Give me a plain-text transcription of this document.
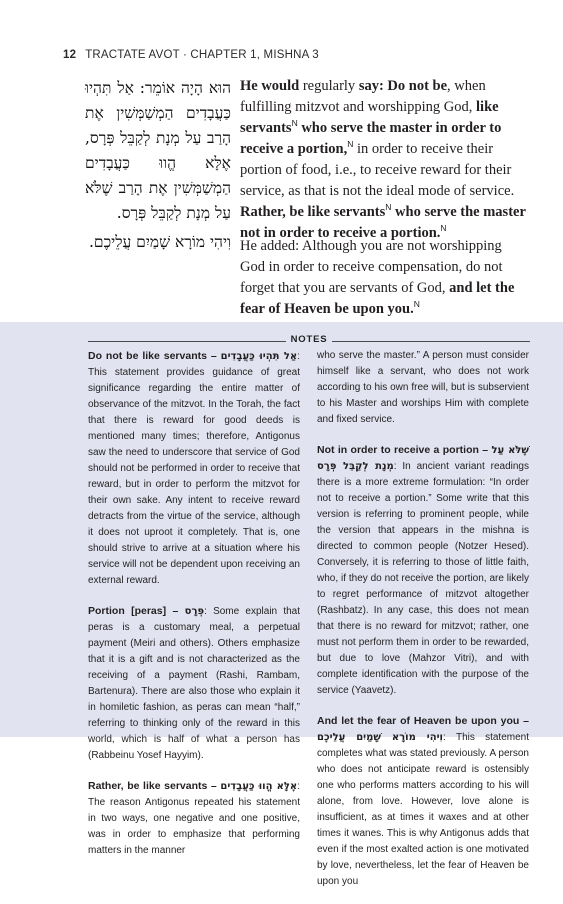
12 TRACTATE AVOT · CHAPTER 1, MISHNA 3
הוּא הָיָה אוֹמֵר: אַל תִּהְיוּ כַּעֲבָדִים הַמְשַׁמְּשִׁין אֶת הָרַב עַל מְנָת לְקַבֵּל פְּרָס, אֶלָּא הֱווּ כַּעֲבָדִים הַמְשַׁמְּשִׁין אֶת הָרַב שֶׁלֹּא עַל מְנָת לְקַבֵּל פְּרָס.
וִיהִי מוֹרָא שָׁמַיִם עֲלֵיכֶם.
He would regularly say: Do not be, when fulfilling mitzvot and worshipping God, like servants$^N$ who serve the master in order to receive a portion,$^N$ in order to receive their portion of food, i.e., to receive reward for their service, as that is not the ideal mode of service. Rather, be like servants$^N$ who serve the master not in order to receive a portion.$^N$
He added: Although you are not worshipping God in order to receive compensation, do not forget that you are servants of God, and let the fear of Heaven be upon you.$^N$
NOTES

Do not be like servants – אַל תִּהְיוּ כַּעֲבָדִים: This statement provides guidance of great significance regarding the entire matter of observance of the mitzvot. In the Torah, the fact that there is reward for good deeds is mentioned many times; therefore, Antigonus saw the need to underscore that service of God should not be performed in order to receive that reward, but in order to perform the mitzvot for their own sake. Any intent to receive reward detracts from the virtue of the service, although it does not uproot it completely. That is, one should strive to arrive at a situation where his service will not be dependent upon receiving an external reward.

Portion [peras] – פְּרָס: Some explain that peras is a customary meal, a perpetual payment (Meiri and others). Others emphasize that it is a gift and is not characterized as the receiving of a payment (Rashi, Rambam, Bartenura). There are also those who explain it in homiletic fashion, as peras can mean “half,” referring to thinking only of the reward in this world, which is half of what a person has (Rabbeinu Yosef Hayyim).

Rather, be like servants – אֶלָּא הֱווּ כַּעֲבָדִים: The reason Antigonus repeated his statement in two ways, one negative and one positive, was in order to emphasize that performing matters in the manner

who serve the master.” A person must consider himself like a servant, who does not work according to his own free will, but is subservient to his Master and worships Him with complete and fixed service.

Not in order to receive a portion – שֶׁלֹּא עַל מְנָת לְקַבֵּל פְּרָס: In ancient variant readings there is a more extreme formulation: “In order not to receive a portion.” Some write that this version is referring to prominent people, while the version that appears in the mishna is directed to common people (Notzer Hesed). Conversely, it is referring to those of little faith, who, if they do not receive the portion, are likely to regret performance of mitzvot altogether (Rashbatz). In any case, this does not mean that there is no reward for mitzvot; rather, one must not perform them in order to be rewarded, but due to love (Mahzor Vitri), and with complete identification with the purpose of the service (Yaavetz).

And let the fear of Heaven be upon you – וִיהִי מוֹרָא שָׁמַיִם עֲלֵיכֶם: This statement completes what was stated previously. A person who does not anticipate reward is ostensibly one who performs matters according to his will alone, from love. However, love alone is insufficient, as at times it waxes and at other times it wanes. This is why Antigonus adds that even if the most exalted action is one motivated by love, nevertheless, let the fear of Heaven be upon you
